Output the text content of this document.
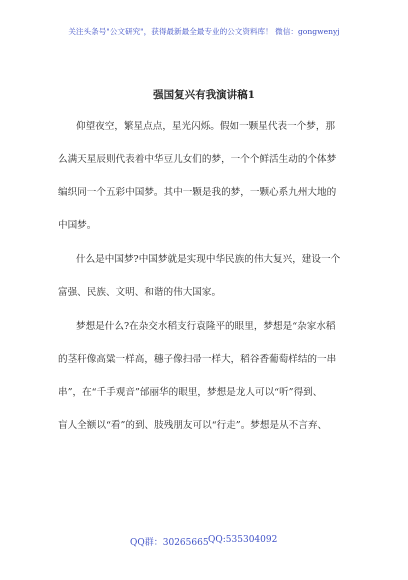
关注头条号"公文研究"，获得最新最全最专业的公文资料库！ 微信：gongwenyj
强国复兴有我演讲稿1
仰望夜空，繁星点点，星光闪烁。假如一颗星代表一个梦，那
么满天星辰则代表着中华豆儿女们的梦，一个个鲜活生动的个体梦
编织同一个五彩中国梦。其中一颗是我的梦，一颗心系九州大地的
中国梦。
什么是中国梦?中国梦就是实现中华民族的伟大复兴，建设一个
富强、民族、文明、和谐的伟大国家。
梦想是什么?在杂交水稻支行袁隆平的眼里，梦想是“杂家水稻
的茎秆像高粱一样高，穗子像扫帚一样大，稻谷香葡萄样结的一串
串”，在“千手观音”邰丽华的眼里，梦想是龙人可以“听”得到、
盲人全额以“看”的到、肢残朋友可以“行走”。梦想是从不言弃、
QQ群：30265665 QQ:535304092
